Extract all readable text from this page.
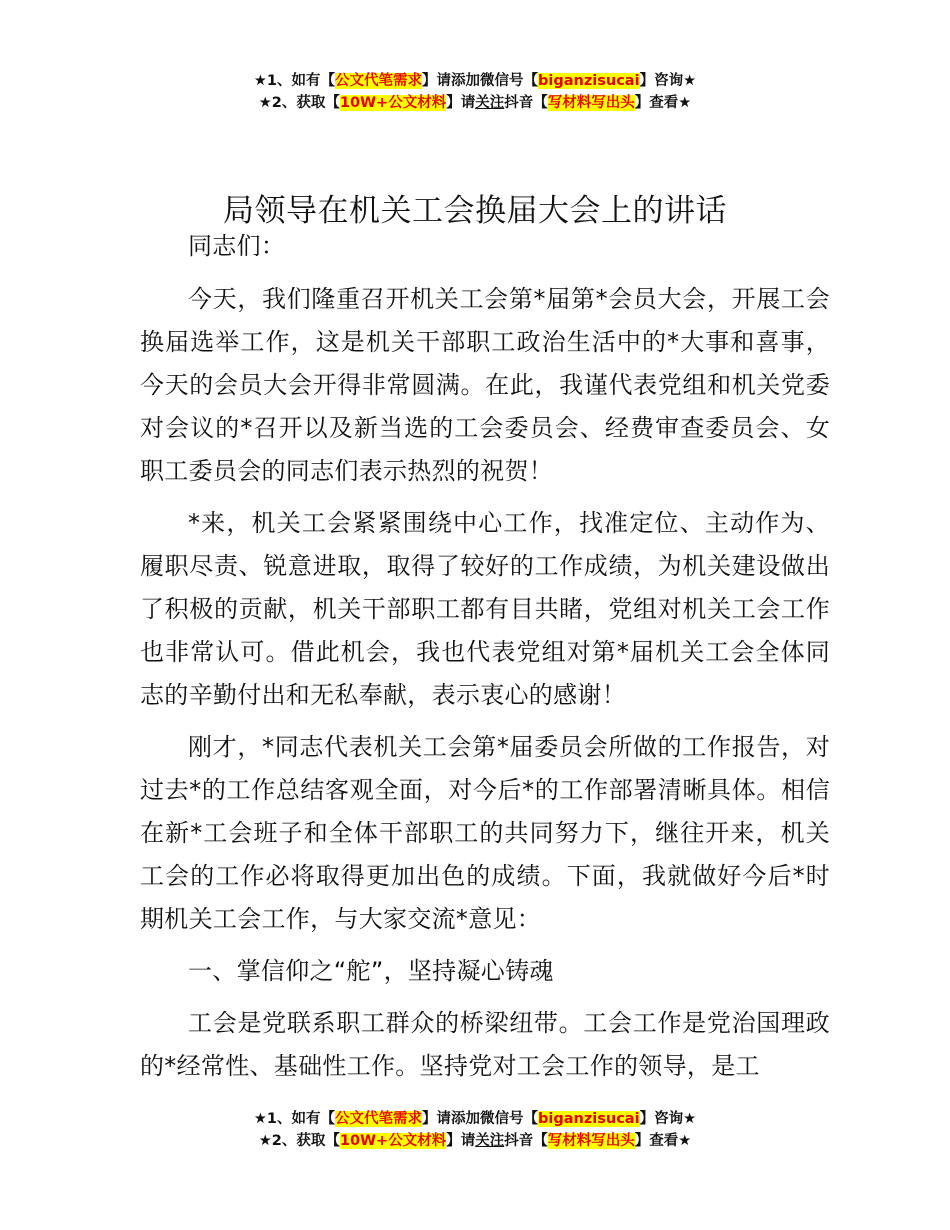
★1、如有【公文代笔需求】请添加微信号【biganzisucai】咨询★
★2、获取【10W+公文材料】请关注抖音【写材料写出头】查看★
局领导在机关工会换届大会上的讲话

同志们：

今天，我们隆重召开机关工会第*届第*会员大会，开展工会换届选举工作，这是机关干部职工政治生活中的*大事和喜事，今天的会员大会开得非常圆满。在此，我谨代表党组和机关党委对会议的*召开以及新当选的工会委员会、经费审查委员会、女职工委员会的同志们表示热烈的祝贺！

*来，机关工会紧紧围绕中心工作，找准定位、主动作为、履职尽责、锐意进取，取得了较好的工作成绩，为机关建设做出了积极的贡献，机关干部职工都有目共睹，党组对机关工会工作也非常认可。借此机会，我也代表党组对第*届机关工会全体同志的辛勤付出和无私奉献，表示衷心的感谢！

刚才，*同志代表机关工会第*届委员会所做的工作报告，对过去*的工作总结客观全面，对今后*的工作部署清晰具体。相信在新*工会班子和全体干部职工的共同努力下，继往开来，机关工会的工作必将取得更加出色的成绩。下面，我就做好今后*时期机关工会工作，与大家交流*意见：

一、掌信仰之“舵”，坚持凝心铸魂

工会是党联系职工群众的桥梁纽带。工会工作是党治国理政的*经常性、基础性工作。坚持党对工会工作的领导，是工

★1、如有【公文代笔需求】请添加微信号【biganzisucai】咨询★
★2、获取【10W+公文材料】请关注抖音【写材料写出头】查看★
